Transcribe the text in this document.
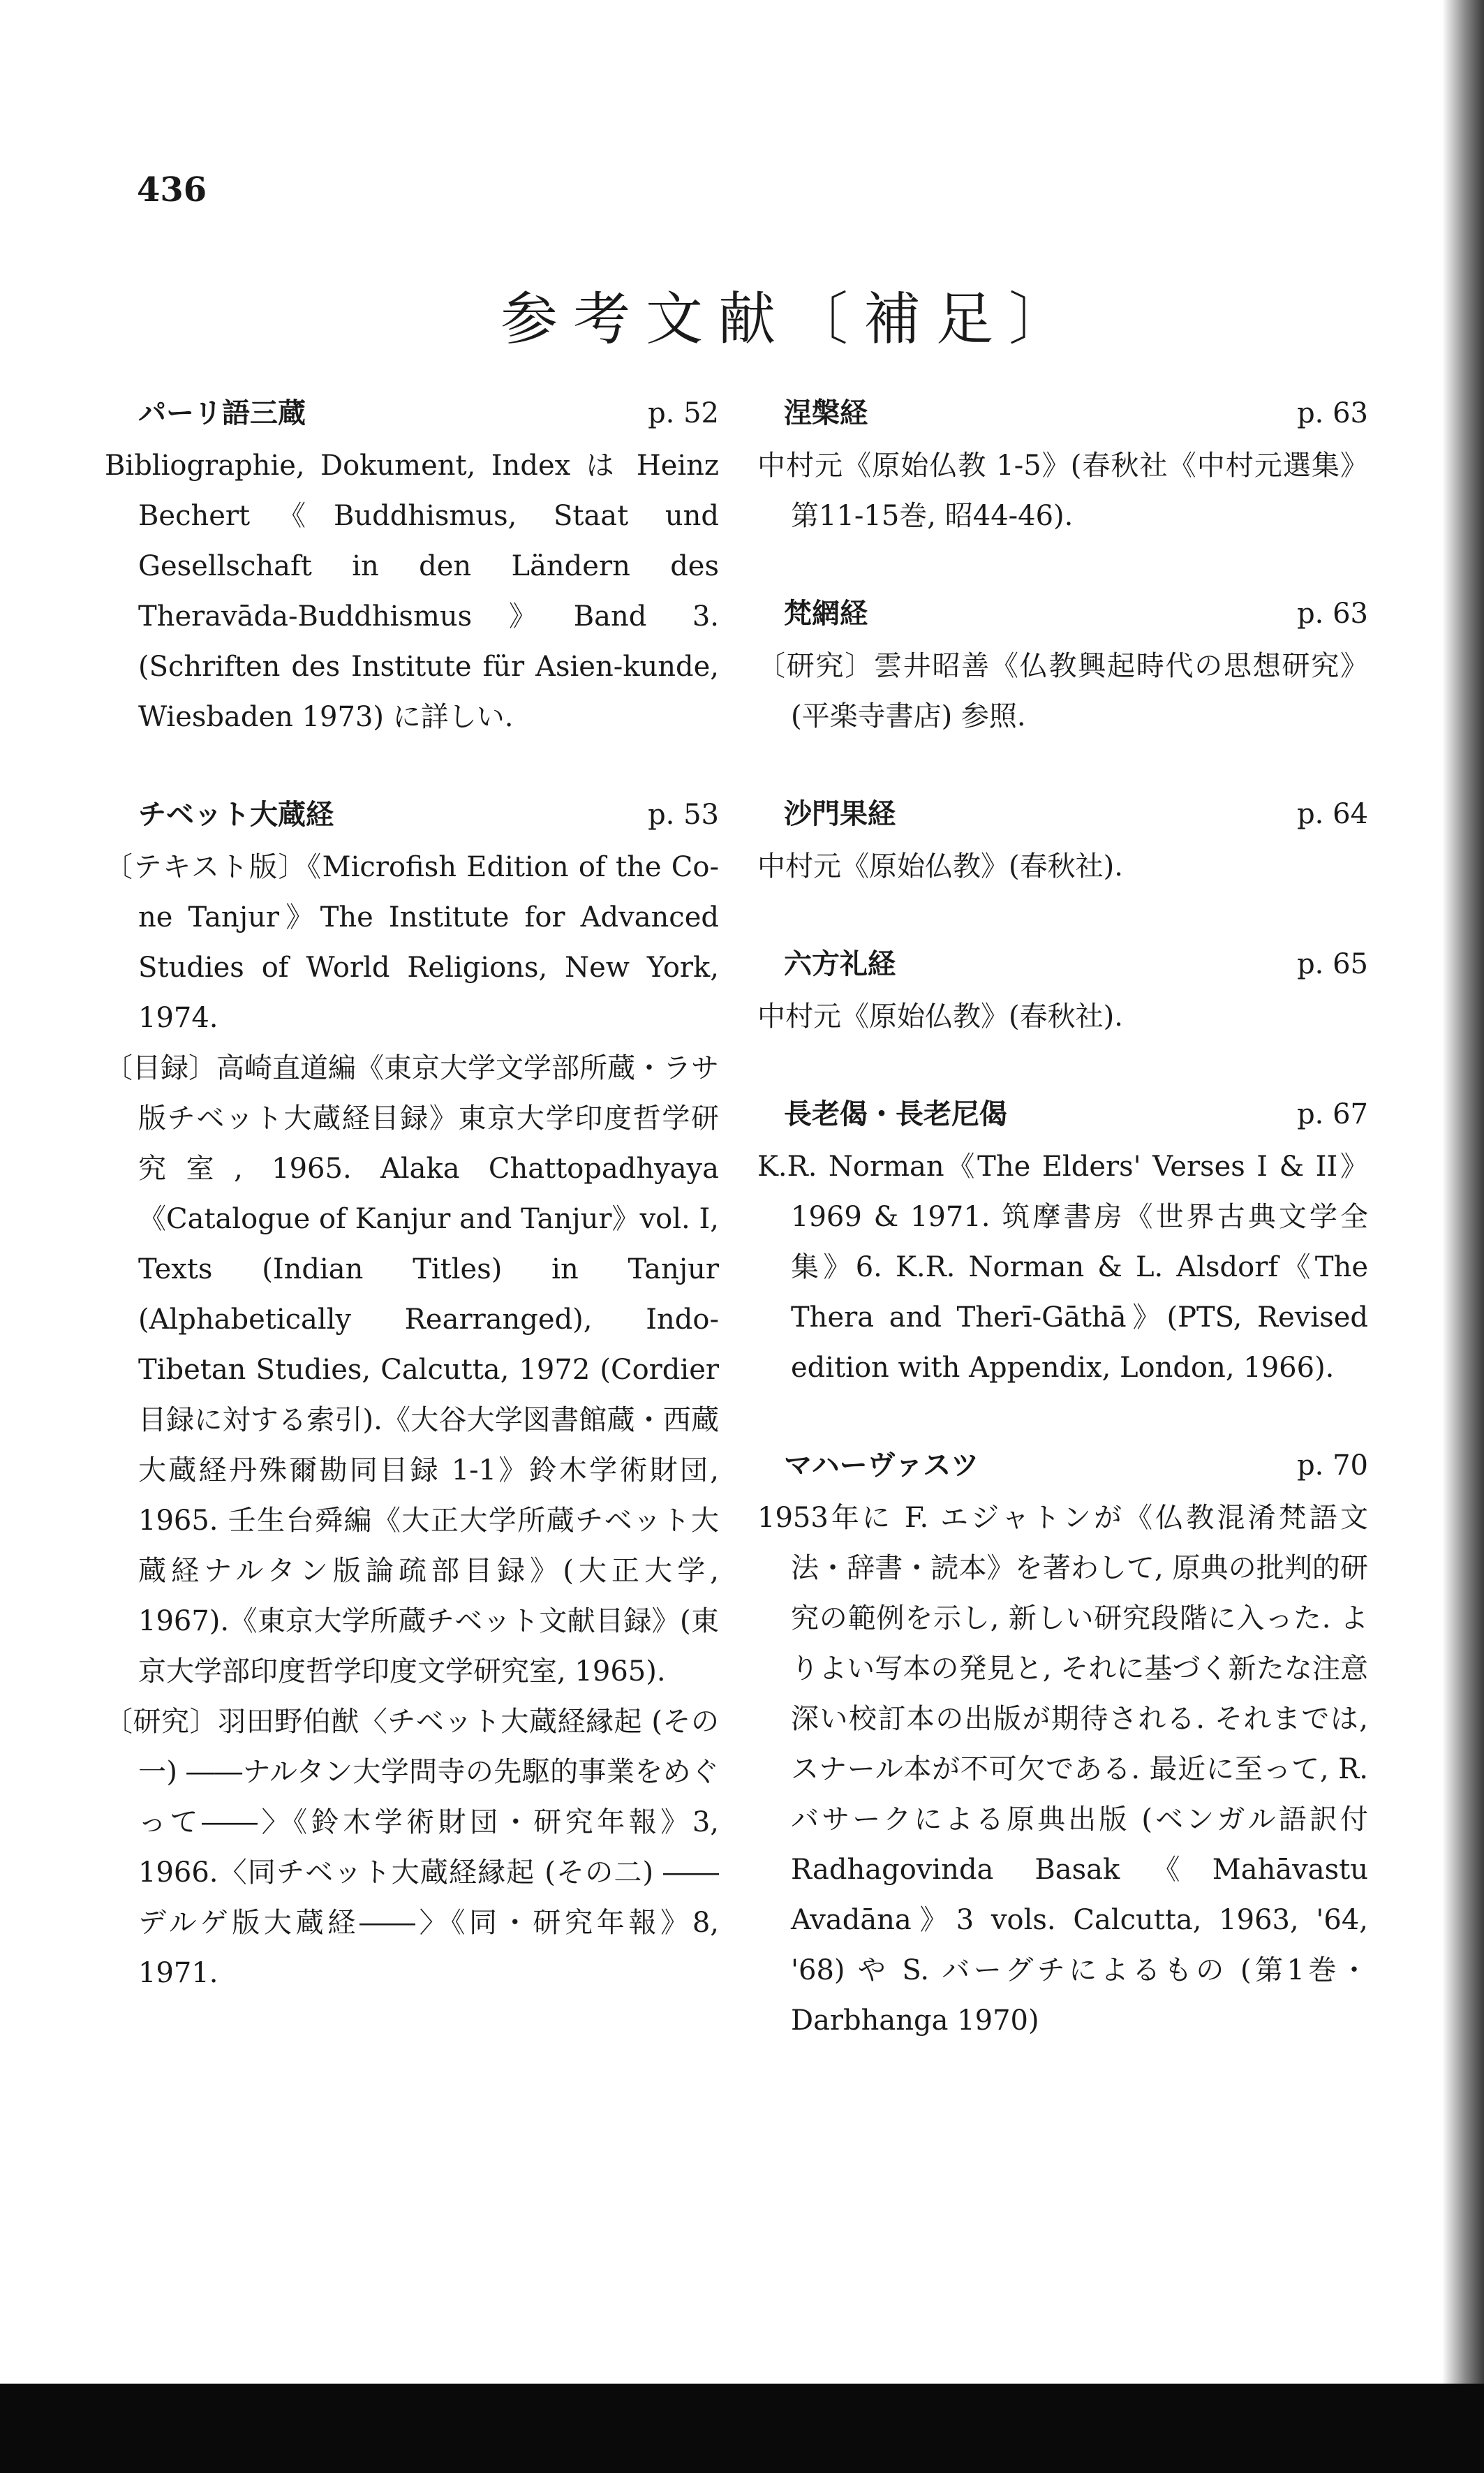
436
参考文献〔補足〕
パーリ語三蔵	p. 52
Bibliographie, Dokument, Index は Heinz Bechert《Buddhismus, Staat und Gesellschaft in den Ländern des Theravāda-Buddhismus》Band 3. (Schriften des Institute für Asien-kunde, Wiesbaden 1973) に詳しい.
チベット大蔵経	p. 53
〔テキスト版〕《Microfish Edition of the Co-ne Tanjur》The Institute for Advanced Studies of World Religions, New York, 1974.
〔目録〕高崎直道編《東京大学文学部所蔵・ラサ版チベット大蔵経目録》東京大学印度哲学研究室, 1965. Alaka Chattopadhyaya《Catalogue of Kanjur and Tanjur》vol. I, Texts (Indian Titles) in Tanjur (Alphabetically Rearranged), Indo-Tibetan Studies, Calcutta, 1972 (Cordier 目録に対する索引).《大谷大学図書館蔵・西蔵大蔵経丹殊爾勘同目録 1-1》鈴木学術財団, 1965. 壬生台舜編《大正大学所蔵チベット大蔵経ナルタン版論疏部目録》(大正大学, 1967).《東京大学所蔵チベット文献目録》(東京大学部印度哲学印度文学研究室, 1965).
〔研究〕羽田野伯猷〈チベット大蔵経縁起 (その一) ――ナルタン大学問寺の先駆的事業をめぐって――〉《鈴木学術財団・研究年報》3, 1966.〈同チベット大蔵経縁起 (その二) ――デルゲ版大蔵経――〉《同・研究年報》8, 1971.
涅槃経	p. 63
中村元《原始仏教 1-5》(春秋社《中村元選集》第11-15巻, 昭44-46).
梵網経	p. 63
〔研究〕雲井昭善《仏教興起時代の思想研究》(平楽寺書店) 参照.
沙門果経	p. 64
中村元《原始仏教》(春秋社).
六方礼経	p. 65
中村元《原始仏教》(春秋社).
長老偈・長老尼偈	p. 67
K.R. Norman《The Elders' Verses I & II》1969 & 1971. 筑摩書房《世界古典文学全集》6. K.R. Norman & L. Alsdorf《The Thera and Therī-Gāthā》(PTS, Revised edition with Appendix, London, 1966).
マハーヴァスツ	p. 70
1953年に F. エジャトンが《仏教混淆梵語文法・辞書・読本》を著わして, 原典の批判的研究の範例を示し, 新しい研究段階に入った. よりよい写本の発見と, それに基づく新たな注意深い校訂本の出版が期待される. それまでは, スナール本が不可欠である. 最近に至って, R. バサークによる原典出版 (ベンガル語訳付 Radhagovinda Basak《Mahāvastu Avadāna》3 vols. Calcutta, 1963, '64, '68) や S. バーグチによるもの (第1巻・Darbhanga 1970)
